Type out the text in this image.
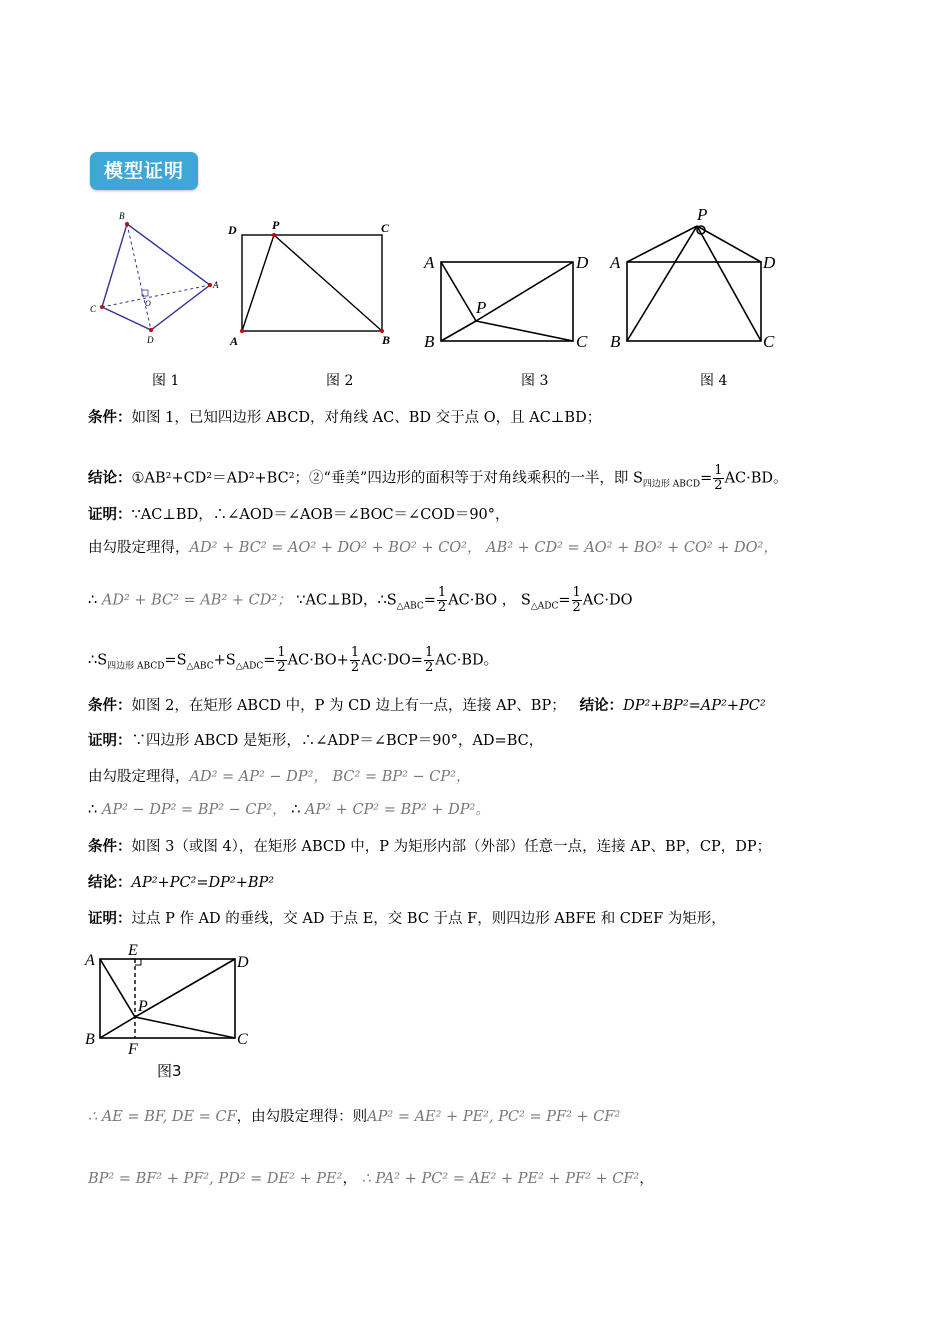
模型证明
B
A
C
D
O
D	P	C
A	B
A	D
P
B	C
P
A	D
B	C
图 1	图 2	图 3	图 4
条件：如图 1，已知四边形 ABCD，对角线 AC、BD 交于点 O，且 AC⊥BD；
结论：①AB²+CD²＝AD²+BC²；②“垂美”四边形的面积等于对角线乘积的一半，即 $S_{四边形 ABCD}= \frac{1}{2} AC\cdot BD$。
证明：∵AC⊥BD，∴∠AOD＝∠AOB＝∠BOC＝∠COD＝90°，
由勾股定理得，AD² + BC² = AO² + DO² + BO² + CO²， AB² + CD² = AO² + BO² + CO² + DO²，
∴ AD² + BC² = AB² + CD²； ∵AC⊥BD，$\therefore S_{\triangle ABC}= \frac{1}{2} AC\cdot BO$ ， $S_{\triangle ADC}= \frac{1}{2} AC\cdot DO$
$\therefore S_{四边形 ABCD}=S_{\triangle ABC}+S_{\triangle ADC}= \frac{1}{2} AC\cdot BO+ \frac{1}{2} AC\cdot DO= \frac{1}{2} AC\cdot BD$。
条件：如图 2，在矩形 ABCD 中，P 为 CD 边上有一点，连接 AP、BP； 结论：DP²+BP²=AP²+PC²
证明：∵四边形 ABCD 是矩形，∴∠ADP＝∠BCP＝90°，AD=BC，
由勾股定理得，AD² = AP² − DP²， BC² = BP² − CP²，
∴ AP² − DP² = BP² − CP²， ∴ AP² + CP² = BP² + DP²。
条件：如图 3（或图 4），在矩形 ABCD 中，P 为矩形内部（外部）任意一点，连接 AP、BP，CP，DP；
结论：AP²+PC²=DP²+BP²
证明：过点 P 作 AD 的垂线，交 AD 于点 E，交 BC 于点 F，则四边形 ABFE 和 CDEF 为矩形，
A
E
D
P
B
F
C
图3
∴ AE = BF, DE = CF，由勾股定理得：则AP² = AE² + PE², PC² = PF² + CF²
BP² = BF² + PF², PD² = DE² + PE²， ∴ PA² + PC² = AE² + PE² + PF² + CF²，
